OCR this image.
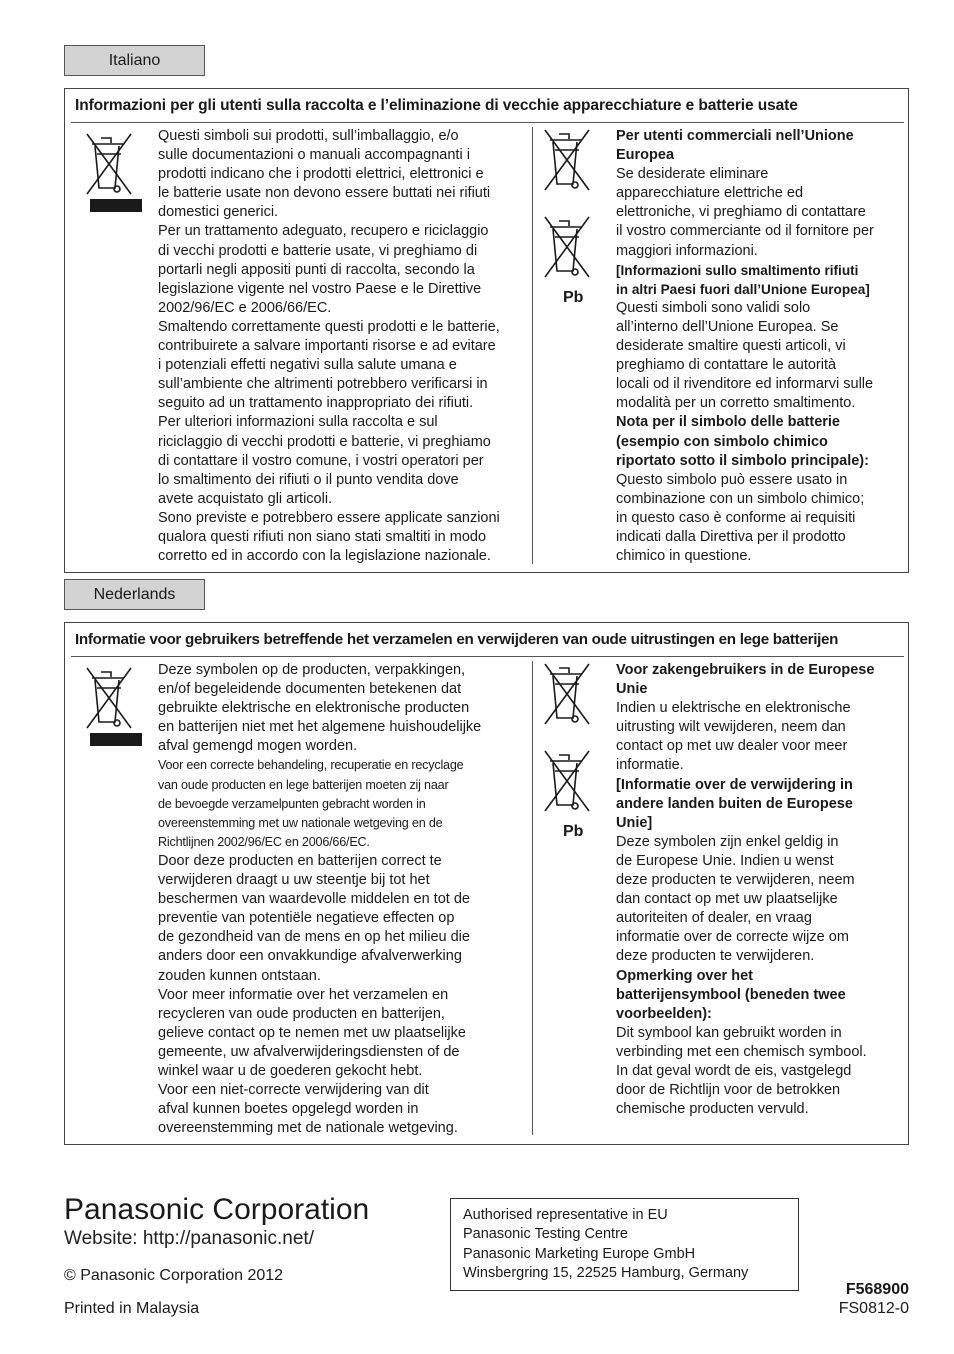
Italiano
Informazioni per gli utenti sulla raccolta e l’eliminazione di vecchie apparecchiature e batterie usate

Questi simboli sui prodotti, sull’imballaggio, e/o

sulle documentazioni o manuali accompagnanti i

prodotti indicano che i prodotti elettrici, elettronici e

le batterie usate non devono essere buttati nei rifiuti

domestici generici.

Per un trattamento adeguato, recupero e riciclaggio

di vecchi prodotti e batterie usate, vi preghiamo di

portarli negli appositi punti di raccolta, secondo la

legislazione vigente nel vostro Paese e le Direttive

2002/96/EC e 2006/66/EC.

Smaltendo correttamente questi prodotti e le batterie,

contribuirete a salvare importanti risorse e ad evitare

i potenziali effetti negativi sulla salute umana e

sull’ambiente che altrimenti potrebbero verificarsi in

seguito ad un trattamento inappropriato dei rifiuti.

Per ulteriori informazioni sulla raccolta e sul

riciclaggio di vecchi prodotti e batterie, vi preghiamo

di contattare il vostro comune, i vostri operatori per

lo smaltimento dei rifiuti o il punto vendita dove

avete acquistato gli articoli.

Sono previste e potrebbero essere applicate sanzioni

qualora questi rifiuti non siano stati smaltiti in modo

corretto ed in accordo con la legislazione nazionale.

Pb

Per utenti commerciali nell’Unione

Europea

Se desiderate eliminare

apparecchiature elettriche ed

elettroniche, vi preghiamo di contattare

il vostro commerciante od il fornitore per

maggiori informazioni.

[Informazioni sullo smaltimento rifiuti

in altri Paesi fuori dall’Unione Europea]

Questi simboli sono validi solo

all’interno dell’Unione Europea. Se

desiderate smaltire questi articoli, vi

preghiamo di contattare le autorità

locali od il rivenditore ed informarvi sulle

modalità per un corretto smaltimento.

Nota per il simbolo delle batterie

(esempio con simbolo chimico

riportato sotto il simbolo principale):

Questo simbolo può essere usato in

combinazione con un simbolo chimico;

in questo caso è conforme ai requisiti

indicati dalla Direttiva per il prodotto

chimico in questione.

Nederlands
Informatie voor gebruikers betreffende het verzamelen en verwijderen van oude uitrustingen en lege batterijen

Deze symbolen op de producten, verpakkingen,

en/of begeleidende documenten betekenen dat

gebruikte elektrische en elektronische producten

en batterijen niet met het algemene huishoudelijke

afval gemengd mogen worden.

Voor een correcte behandeling, recuperatie en recyclage

van oude producten en lege batterijen moeten zij naar

de bevoegde verzamelpunten gebracht worden in

overeenstemming met uw nationale wetgeving en de

Richtlijnen 2002/96/EC en 2006/66/EC.

Door deze producten en batterijen correct te

verwijderen draagt u uw steentje bij tot het

beschermen van waardevolle middelen en tot de

preventie van potentiële negatieve effecten op

de gezondheid van de mens en op het milieu die

anders door een onvakkundige afvalverwerking

zouden kunnen ontstaan.

Voor meer informatie over het verzamelen en

recycleren van oude producten en batterijen,

gelieve contact op te nemen met uw plaatselijke

gemeente, uw afvalverwijderingsdiensten of de

winkel waar u de goederen gekocht hebt.

Voor een niet-correcte verwijdering van dit

afval kunnen boetes opgelegd worden in

overeenstemming met de nationale wetgeving.

Pb

Voor zakengebruikers in de Europese

Unie

Indien u elektrische en elektronische

uitrusting wilt vewijderen, neem dan

contact op met uw dealer voor meer

informatie.

[Informatie over de verwijdering in

andere landen buiten de Europese

Unie]

Deze symbolen zijn enkel geldig in

de Europese Unie. Indien u wenst

deze producten te verwijderen, neem

dan contact op met uw plaatselijke

autoriteiten of dealer, en vraag

informatie over de correcte wijze om

deze producten te verwijderen.

Opmerking over het

batterijensymbool (beneden twee

voorbeelden):

Dit symbool kan gebruikt worden in

verbinding met een chemisch symbool.

In dat geval wordt de eis, vastgelegd

door de Richtlijn voor de betrokken

chemische producten vervuld.

Panasonic Corporation
Website: http://panasonic.net/
© Panasonic Corporation 2012
Printed in Malaysia
Authorised representative in EU
Panasonic Testing Centre
Panasonic Marketing Europe GmbH
Winsbergring 15, 22525 Hamburg, Germany
F568900
FS0812-0
